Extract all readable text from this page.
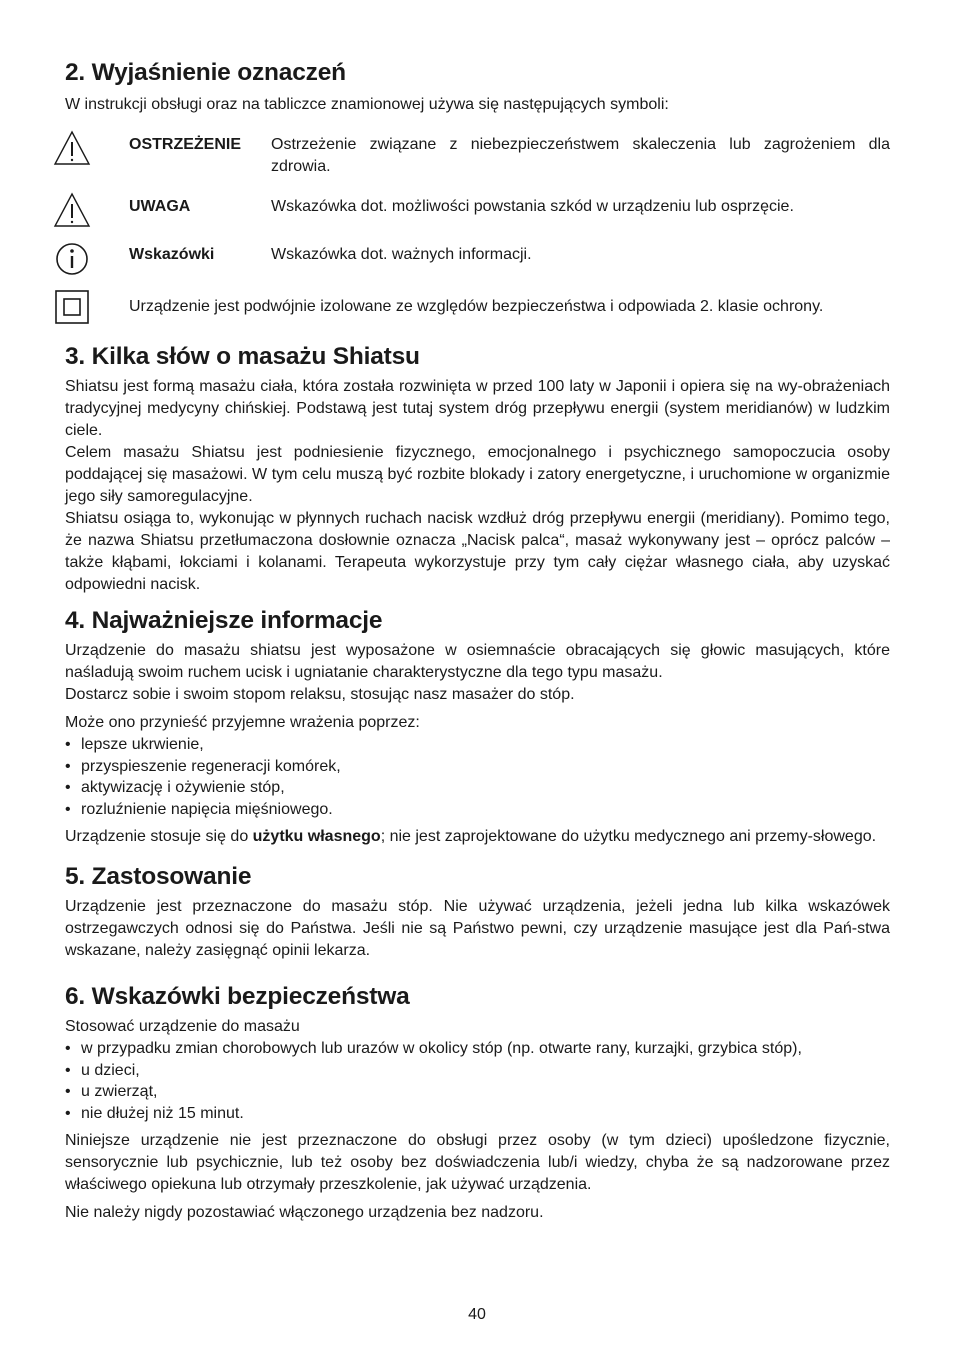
2. Wyjaśnienie oznaczeń

W instrukcji obsługi oraz na tabliczce znamionowej używa się następujących symboli:

OSTRZEŻENIE	Ostrzeżenie związane z niebezpieczeństwem skaleczenia lub zagrożeniem dla zdrowia.
UWAGA	Wskazówka dot. możliwości powstania szkód w urządzeniu lub osprzęcie.
Wskazówki	Wskazówka dot. ważnych informacji.
Urządzenie jest podwójnie izolowane ze względów bezpieczeństwa i odpowiada 2. klasie ochrony.
3. Kilka słów o masażu Shiatsu

Shiatsu jest formą masażu ciała, która została rozwinięta w przed 100 laty w Japonii i opiera się na wy-obrażeniach tradycyjnej medycyny chińskiej. Podstawą jest tutaj system dróg przepływu energii (system meridianów) w ludzkim ciele.

Celem masażu Shiatsu jest podniesienie fizycznego, emocjonalnego i psychicznego samopoczucia osoby poddającej się masażowi. W tym celu muszą być rozbite blokady i zatory energetyczne, i uruchomione w organizmie jego siły samoregulacyjne.

Shiatsu osiąga to, wykonując w płynnych ruchach nacisk wzdłuż dróg przepływu energii (meridiany). Pomimo tego, że nazwa Shiatsu przetłumaczona dosłownie oznacza „Nacisk palca“, masaż wykonywany jest – oprócz palców – także kłąbami, łokciami i kolanami. Terapeuta wykorzystuje przy tym cały ciężar własnego ciała, aby uzyskać odpowiedni nacisk.

4. Najważniejsze informacje

Urządzenie do masażu shiatsu jest wyposażone w osiemnaście obracających się głowic masujących, które naśladują swoim ruchem ucisk i ugniatanie charakterystyczne dla tego typu masażu.

Dostarcz sobie i swoim stopom relaksu, stosując nasz masażer do stóp.

Może ono przynieść przyjemne wrażenia poprzez:

• lepsze ukrwienie,
• przyspieszenie regeneracji komórek,
• aktywizację i ożywienie stóp,
• rozluźnienie napięcia mięśniowego.

Urządzenie stosuje się do użytku własnego; nie jest zaprojektowane do użytku medycznego ani przemy-słowego.

5. Zastosowanie

Urządzenie jest przeznaczone do masażu stóp. Nie używać urządzenia, jeżeli jedna lub kilka wskazówek ostrzegawczych odnosi się do Państwa. Jeśli nie są Państwo pewni, czy urządzenie masujące jest dla Pań-stwa wskazane, należy zasięgnąć opinii lekarza.

6. Wskazówki bezpieczeństwa

Stosować urządzenie do masażu

• w przypadku zmian chorobowych lub urazów w okolicy stóp (np. otwarte rany, kurzajki, grzybica stóp),
• u dzieci,
• u zwierząt,
• nie dłużej niż 15 minut.

Niniejsze urządzenie nie jest przeznaczone do obsługi przez osoby (w tym dzieci) upośledzone fizycznie, sensorycznie lub psychicznie, lub też osoby bez doświadczenia lub/i wiedzy, chyba że są nadzorowane przez właściwego opiekuna lub otrzymały przeszkolenie, jak używać urządzenia.

Nie należy nigdy pozostawiać włączonego urządzenia bez nadzoru.

40
